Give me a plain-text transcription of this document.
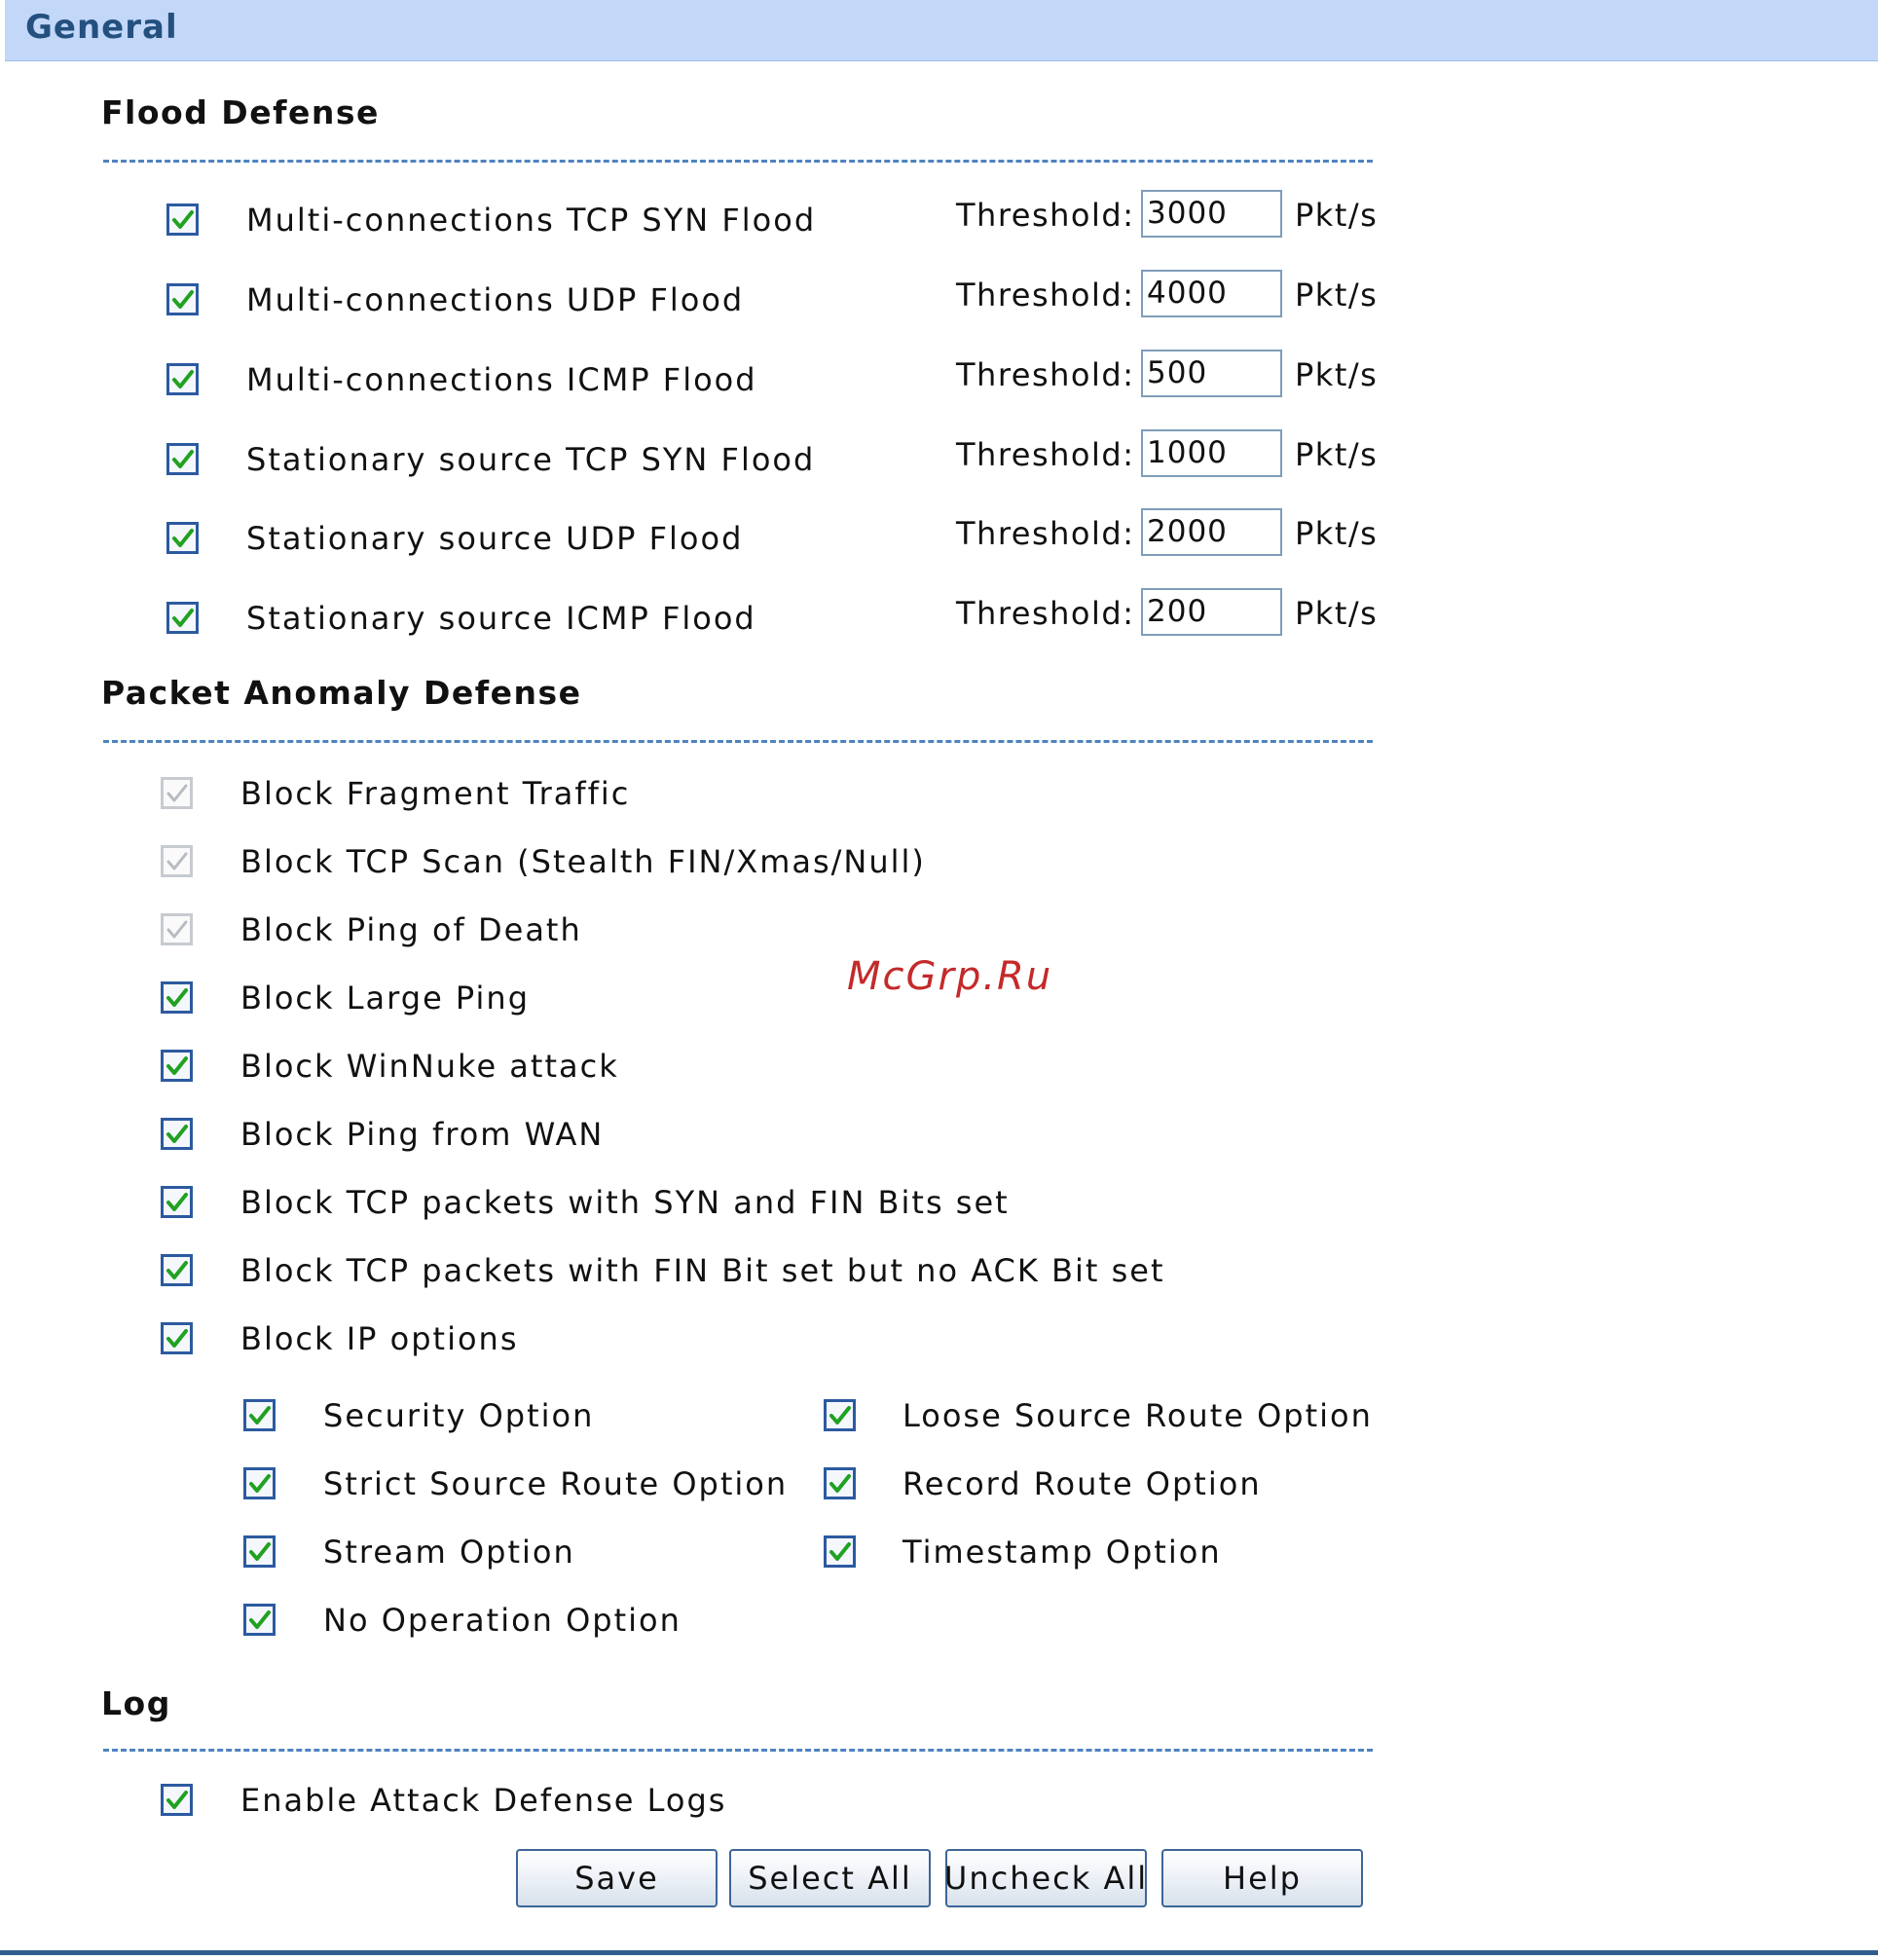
General
Flood Defense
Multi-connections TCP SYN Flood	Threshold: 3000	Pkt/s
Multi-connections UDP Flood	Threshold: 4000	Pkt/s
Multi-connections ICMP Flood	Threshold: 500	Pkt/s
Stationary source TCP SYN Flood	Threshold: 1000	Pkt/s
Stationary source UDP Flood	Threshold: 2000	Pkt/s
Stationary source ICMP Flood	Threshold: 200	Pkt/s
Packet Anomaly Defense
Block Fragment Traffic
Block TCP Scan (Stealth FIN/Xmas/Null)
Block Ping of Death
Block Large Ping
Block WinNuke attack
Block Ping from WAN
Block TCP packets with SYN and FIN Bits set
Block TCP packets with FIN Bit set but no ACK Bit set
Block IP options
Security Option	Loose Source Route Option
Strict Source Route Option	Record Route Option
Stream Option	Timestamp Option
No Operation Option
Log
Enable Attack Defense Logs
Save	Select All	Uncheck All	Help
McGrp.Ru
